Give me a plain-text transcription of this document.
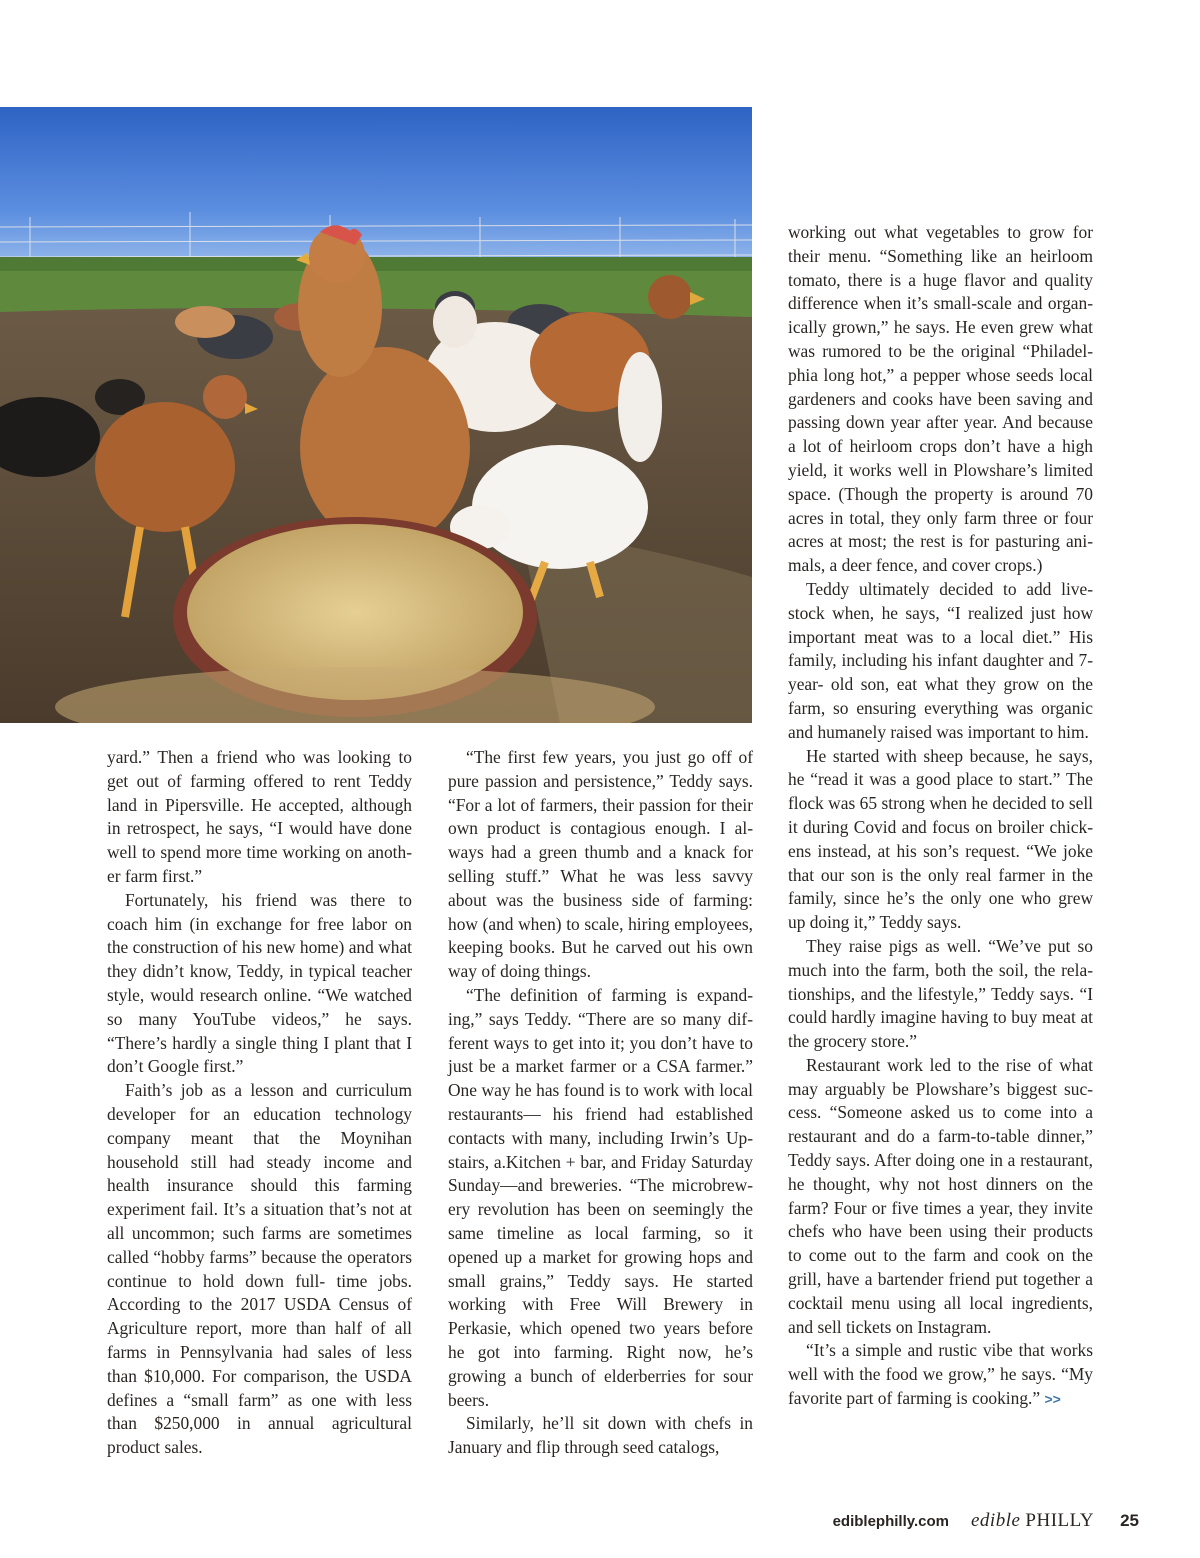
yard.” Then a friend who was looking to get out of farming offered to rent Teddy land in Pipersville. He accepted, although in retrospect, he says, “I would have done well to spend more time working on another farm first.”

Fortunately, his friend was there to coach him (in exchange for free labor on the construction of his new home) and what they didn’t know, Teddy, in typical teacher style, would research online. “We watched so many YouTube videos,” he says. “There’s hardly a single thing I plant that I don’t Google first.”

Faith’s job as a lesson and curriculum developer for an education technology company meant that the Moynihan household still had steady income and health insurance should this farming experiment fail. It’s a situation that’s not at all uncommon; such farms are sometimes called “hobby farms” because the operators continue to hold down full- time jobs. According to the 2017 USDA Census of Agriculture report, more than half of all farms in Pennsylvania had sales of less than $10,000. For comparison, the USDA defines a “small farm” as one with less than $250,000 in annual agricultural product sales.

“The first few years, you just go off of pure passion and persistence,” Teddy says. “For a lot of farmers, their passion for their own product is contagious enough. I always had a green thumb and a knack for selling stuff.” What he was less savvy about was the business side of farming: how (and when) to scale, hiring employees, keeping books. But he carved out his own way of doing things.

“The definition of farming is expanding,” says Teddy. “There are so many different ways to get into it; you don’t have to just be a market farmer or a CSA farmer.” One way he has found is to work with local restaurants— his friend had established contacts with many, including Irwin’s Upstairs, a.Kitchen + bar, and Friday Saturday Sunday—and breweries. “The microbrewery revolution has been on seemingly the same timeline as local farming, so it opened up a market for growing hops and small grains,” Teddy says. He started working with Free Will Brewery in Perkasie, which opened two years before he got into farming. Right now, he’s growing a bunch of elderberries for sour beers.

Similarly, he’ll sit down with chefs in January and flip through seed catalogs,

working out what vegetables to grow for their menu. “Something like an heirloom tomato, there is a huge flavor and quality difference when it’s small-scale and organically grown,” he says. He even grew what was rumored to be the original “Philadelphia long hot,” a pepper whose seeds local gardeners and cooks have been saving and passing down year after year. And because a lot of heirloom crops don’t have a high yield, it works well in Plowshare’s limited space. (Though the property is around 70 acres in total, they only farm three or four acres at most; the rest is for pasturing animals, a deer fence, and cover crops.)

Teddy ultimately decided to add livestock when, he says, “I realized just how important meat was to a local diet.” His family, including his infant daughter and 7-year- old son, eat what they grow on the farm, so ensuring everything was organic and humanely raised was important to him.

He started with sheep because, he says, he “read it was a good place to start.” The flock was 65 strong when he decided to sell it during Covid and focus on broiler chickens instead, at his son’s request. “We joke that our son is the only real farmer in the family, since he’s the only one who grew up doing it,” Teddy says.

They raise pigs as well. “We’ve put so much into the farm, both the soil, the relationships, and the lifestyle,” Teddy says. “I could hardly imagine having to buy meat at the grocery store.”

Restaurant work led to the rise of what may arguably be Plowshare’s biggest success. “Someone asked us to come into a restaurant and do a farm-to-table dinner,” Teddy says. After doing one in a restaurant, he thought, why not host dinners on the farm? Four or five times a year, they invite chefs who have been using their products to come out to the farm and cook on the grill, have a bartender friend put together a cocktail menu using all local ingredients, and sell tickets on Instagram.

“It’s a simple and rustic vibe that works well with the food we grow,” he says. “My favorite part of farming is cooking.” >>

ediblephilly.com edible PHILLY 25
